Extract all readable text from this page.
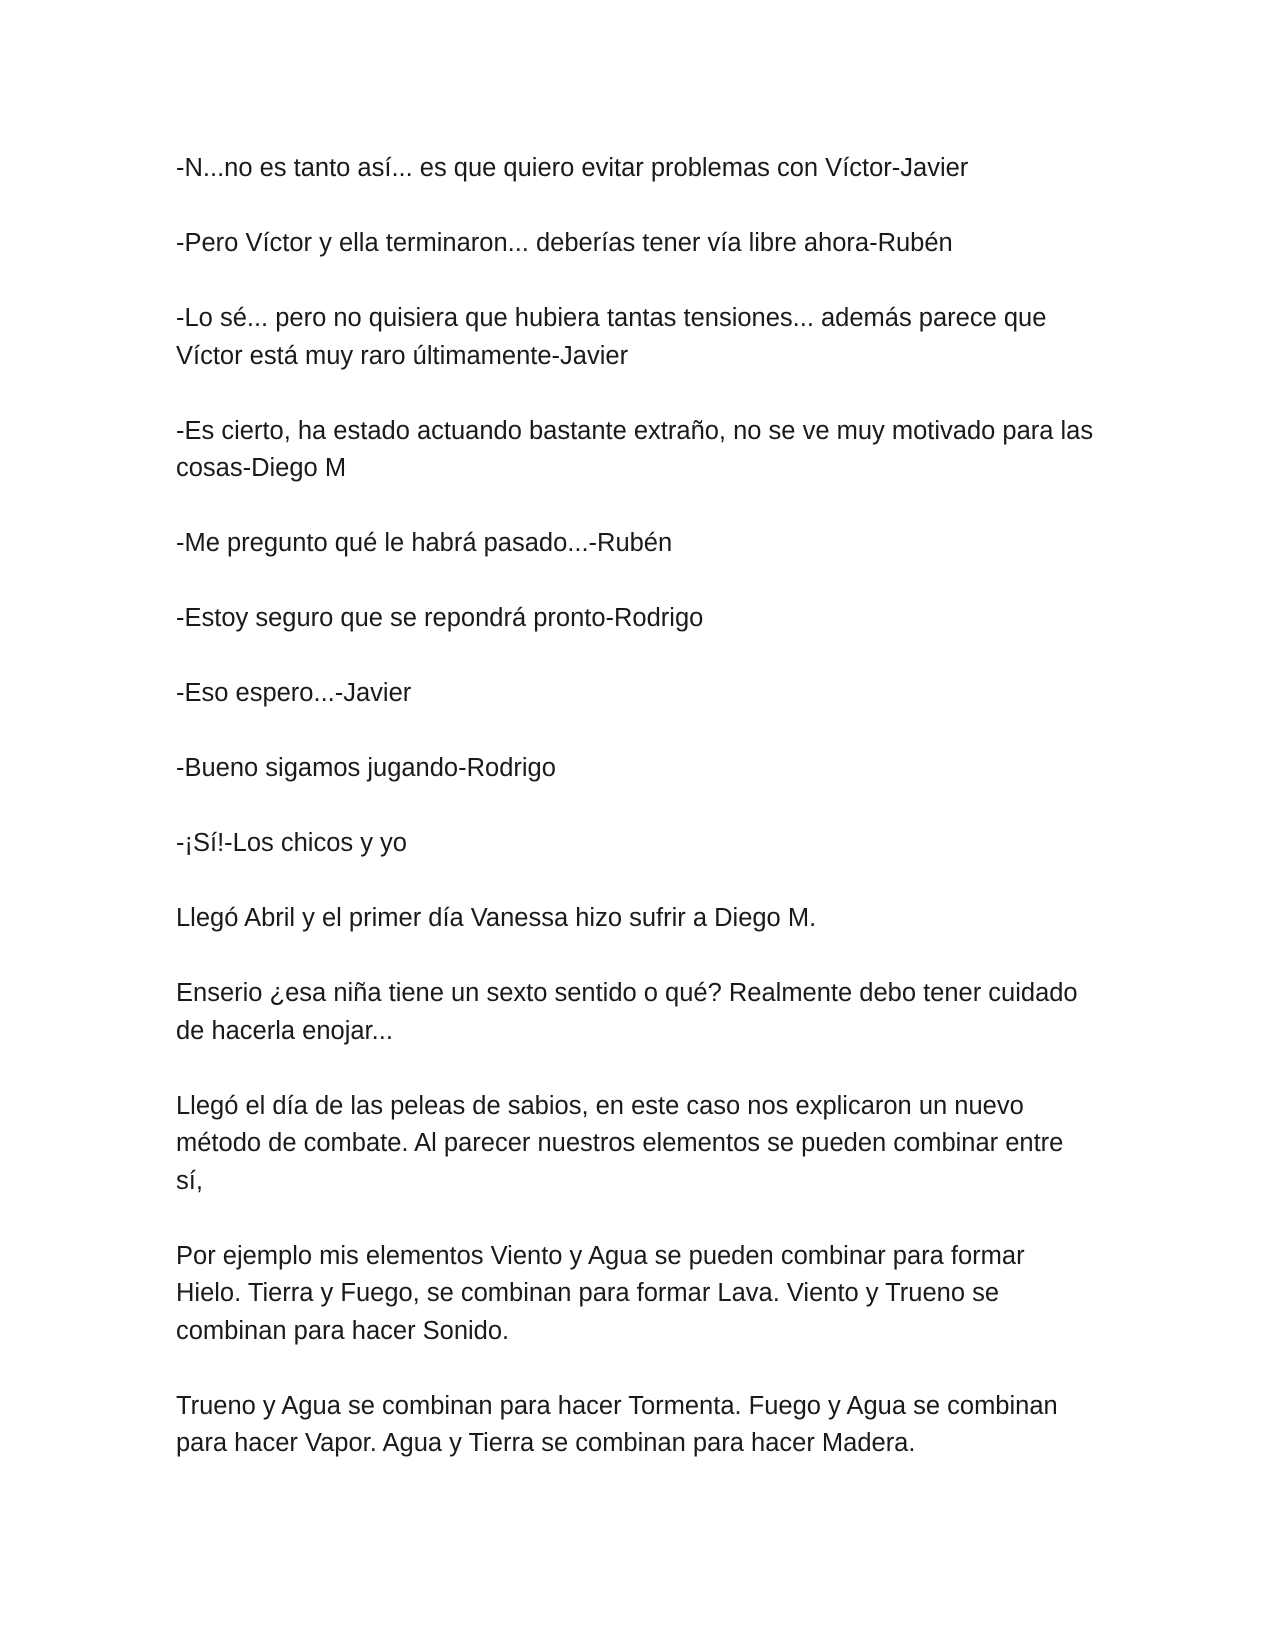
-N...no es tanto así... es que quiero evitar problemas con Víctor-Javier

-Pero Víctor y ella terminaron... deberías tener vía libre ahora-Rubén

-Lo sé... pero no quisiera que hubiera tantas tensiones... además parece que Víctor está muy raro últimamente-Javier

-Es cierto, ha estado actuando bastante extraño, no se ve muy motivado para las cosas-Diego M

-Me pregunto qué le habrá pasado...-Rubén

-Estoy seguro que se repondrá pronto-Rodrigo

-Eso espero...-Javier

-Bueno sigamos jugando-Rodrigo

-¡Sí!-Los chicos y yo

Llegó Abril y el primer día Vanessa hizo sufrir a Diego M.

Enserio ¿esa niña tiene un sexto sentido o qué? Realmente debo tener cuidado de hacerla enojar...

Llegó el día de las peleas de sabios, en este caso nos explicaron un nuevo método de combate. Al parecer nuestros elementos se pueden combinar entre sí,

Por ejemplo mis elementos Viento y Agua se pueden combinar para formar Hielo. Tierra y Fuego, se combinan para formar Lava. Viento y Trueno se combinan para hacer Sonido.

Trueno y Agua se combinan para hacer Tormenta. Fuego y Agua se combinan para hacer Vapor. Agua y Tierra se combinan para hacer Madera.
